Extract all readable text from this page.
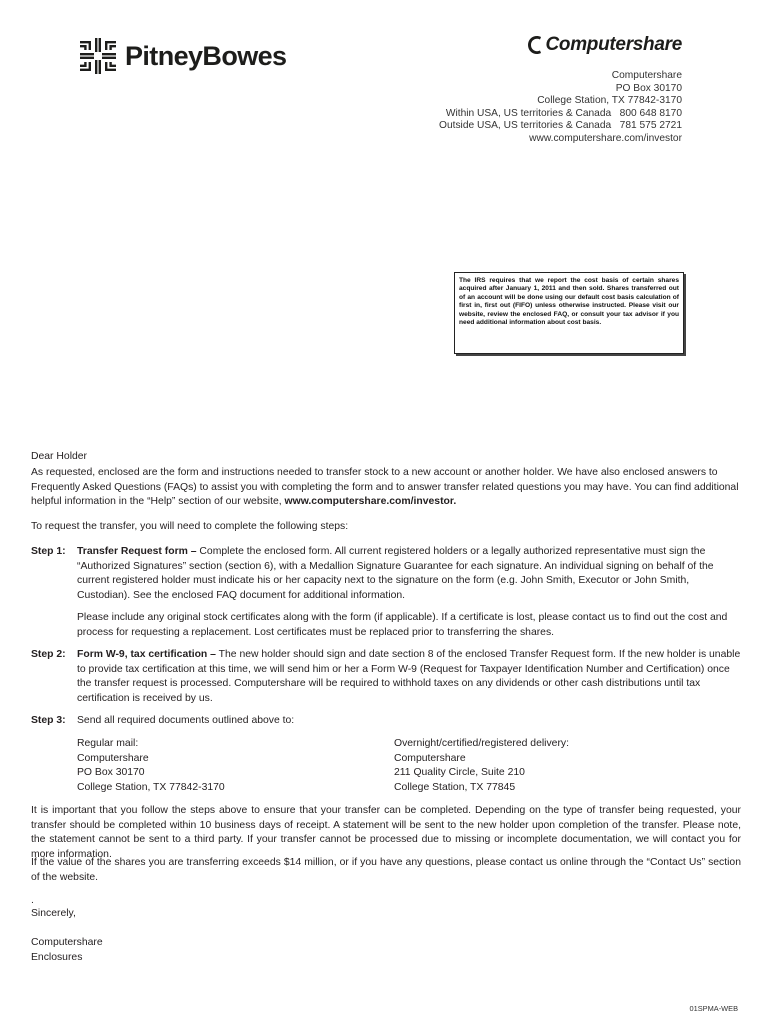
PitneyBowes	Computershare
Computershare
PO Box 30170
College Station, TX 77842-3170
Within USA, US territories & Canada   800 648 8170
Outside USA, US territories & Canada   781 575 2721
www.computershare.com/investor
The IRS requires that we report the cost basis of certain shares acquired after January 1, 2011 and then sold. Shares transferred out of an account will be done using our default cost basis calculation of first in, first out (FIFO) unless otherwise instructed. Please visit our website, review the enclosed FAQ, or consult your tax advisor if you need additional information about cost basis.
Dear Holder
As requested, enclosed are the form and instructions needed to transfer stock to a new account or another holder. We have also enclosed answers to Frequently Asked Questions (FAQs) to assist you with completing the form and to answer transfer related questions you may have. You can find additional helpful information in the “Help” section of our website, www.computershare.com/investor.
To request the transfer, you will need to complete the following steps:
Step 1: Transfer Request form – Complete the enclosed form. All current registered holders or a legally authorized representative must sign the “Authorized Signatures” section (section 6), with a Medallion Signature Guarantee for each signature. An individual signing on behalf of the current registered holder must indicate his or her capacity next to the signature on the form (e.g. John Smith, Executor or John Smith, Custodian). See the enclosed FAQ document for additional information.
Please include any original stock certificates along with the form (if applicable). If a certificate is lost, please contact us to find out the cost and process for requesting a replacement. Lost certificates must be replaced prior to transferring the shares.
Step 2: Form W-9, tax certification – The new holder should sign and date section 8 of the enclosed Transfer Request form. If the new holder is unable to provide tax certification at this time, we will send him or her a Form W-9 (Request for Taxpayer Identification Number and Certification) once the transfer request is processed. Computershare will be required to withhold taxes on any dividends or other cash distributions until tax certification is received by us.
Step 3: Send all required documents outlined above to:
Regular mail:
Computershare
PO Box 30170
College Station, TX 77842-3170
Overnight/certified/registered delivery:
Computershare
211 Quality Circle, Suite 210
College Station, TX 77845
It is important that you follow the steps above to ensure that your transfer can be completed. Depending on the type of transfer being requested, your transfer should be completed within 10 business days of receipt. A statement will be sent to the new holder upon completion of the transfer. Please note, the statement cannot be sent to a third party. If your transfer cannot be processed due to missing or incomplete documentation, we will contact you for more information.
If the value of the shares you are transferring exceeds $14 million, or if you have any questions, please contact us online through the “Contact Us” section of the website.
.
Sincerely,
Computershare
Enclosures
01SPMA-WEB
